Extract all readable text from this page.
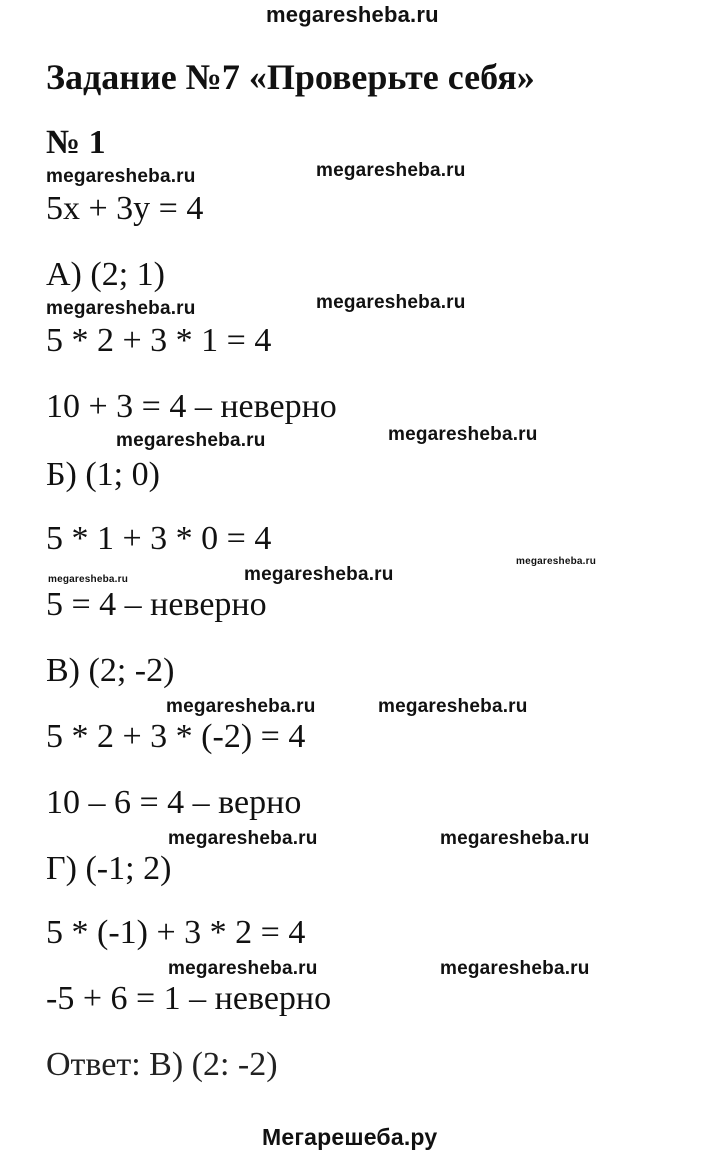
megaresheba.ru
Задание №7 «Проверьте себя»
№ 1
megaresheba.ru	megaresheba.ru
5x + 3y = 4
А) (2; 1)
megaresheba.ru	megaresheba.ru
5 * 2 + 3 * 1 = 4
10 + 3 = 4 – неверно
megaresheba.ru	megaresheba.ru
Б) (1; 0)
5 * 1 + 3 * 0 = 4
megaresheba.ru
megaresheba.ru	megaresheba.ru
5 = 4 – неверно
В) (2; -2)
megaresheba.ru	megaresheba.ru
5 * 2 + 3 * (-2) = 4
10 – 6 = 4 – верно
megaresheba.ru	megaresheba.ru
Г) (-1; 2)
5 * (-1) + 3 * 2 = 4
megaresheba.ru	megaresheba.ru
-5 + 6 = 1 – неверно
Ответ: В) (2: -2)
Мегарешеба.ру
